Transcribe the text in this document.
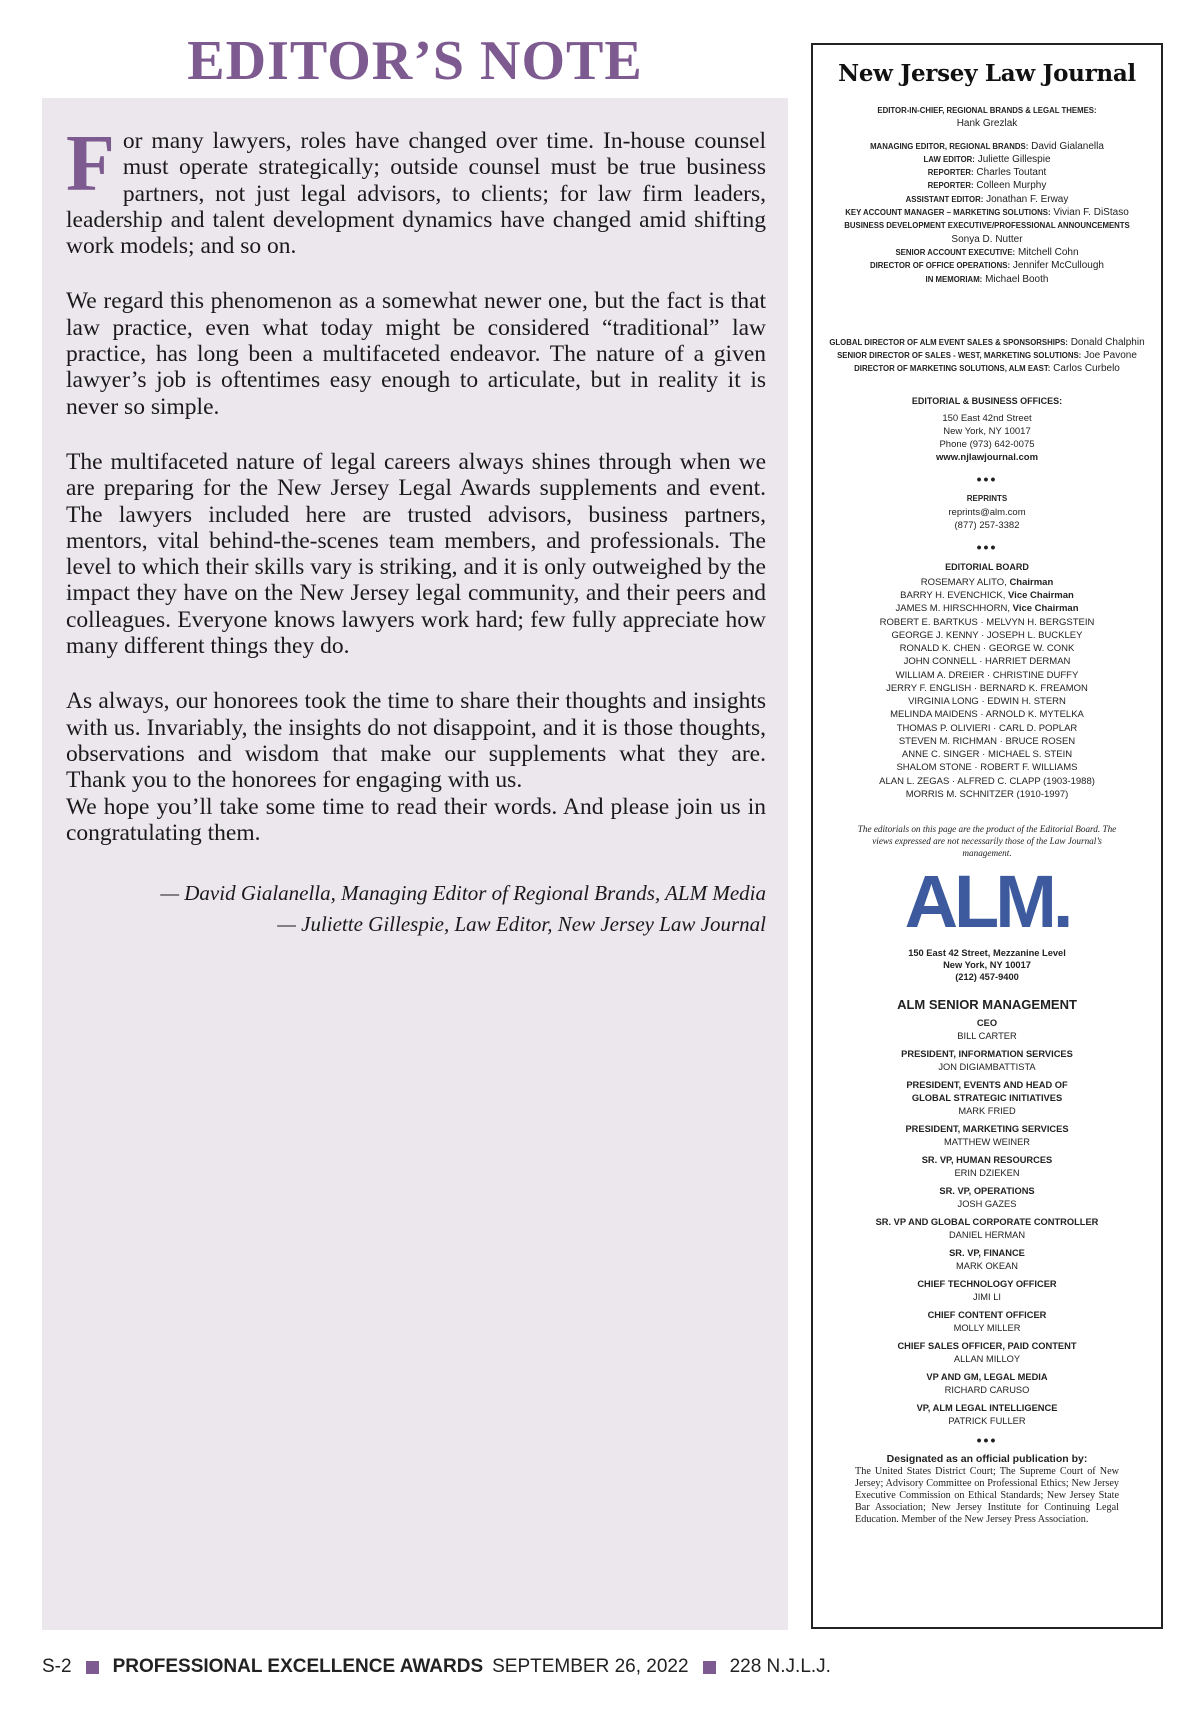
EDITOR’S NOTE

For many lawyers, roles have changed over time. In-house counsel must operate strategically; outside counsel must be true business partners, not just legal advisors, to clients; for law firm leaders, leadership and talent development dynamics have changed amid shifting work models; and so on.

We regard this phenomenon as a somewhat newer one, but the fact is that law practice, even what today might be considered “traditional” law practice, has long been a multifaceted endeavor. The nature of a given lawyer’s job is oftentimes easy enough to articulate, but in reality it is never so simple.

The multifaceted nature of legal careers always shines through when we are preparing for the New Jersey Legal Awards supplements and event. The lawyers included here are trusted advisors, business partners, mentors, vital behind-the-scenes team members, and professionals. The level to which their skills vary is striking, and it is only outweighed by the impact they have on the New Jersey legal community, and their peers and colleagues. Everyone knows lawyers work hard; few fully appreciate how many different things they do.

As always, our honorees took the time to share their thoughts and insights with us. Invariably, the insights do not disappoint, and it is those thoughts, observations and wisdom that make our supplements what they are. Thank you to the honorees for engaging with us.

We hope you’ll take some time to read their words. And please join us in congratulating them.

— David Gialanella, Managing Editor of Regional Brands, ALM Media
— Juliette Gillespie, Law Editor, New Jersey Law Journal
New Jersey Law Journal
EDITOR-IN-CHIEF, REGIONAL BRANDS & LEGAL THEMES:
Hank Grezlak
MANAGING EDITOR, REGIONAL BRANDS: David Gialanella
LAW EDITOR: Juliette Gillespie
REPORTER: Charles Toutant
REPORTER: Colleen Murphy
ASSISTANT EDITOR: Jonathan F. Erway
KEY ACCOUNT MANAGER – MARKETING SOLUTIONS: Vivian F. DiStaso
BUSINESS DEVELOPMENT EXECUTIVE/PROFESSIONAL ANNOUNCEMENTS
Sonya D. Nutter
SENIOR ACCOUNT EXECUTIVE: Mitchell Cohn
DIRECTOR OF OFFICE OPERATIONS: Jennifer McCullough
IN MEMORIAM: Michael Booth
GLOBAL DIRECTOR OF ALM EVENT SALES & SPONSORSHIPS: Donald Chalphin
SENIOR DIRECTOR OF SALES - WEST, MARKETING SOLUTIONS: Joe Pavone
DIRECTOR OF MARKETING SOLUTIONS, ALM EAST: Carlos Curbelo
EDITORIAL & BUSINESS OFFICES:
150 East 42nd Street
New York, NY 10017
Phone (973) 642-0075
www.njlawjournal.com
•••
REPRINTS
reprints@alm.com
(877) 257-3382
•••
EDITORIAL BOARD
ROSEMARY ALITO, Chairman
BARRY H. EVENCHICK, Vice Chairman
JAMES M. HIRSCHHORN, Vice Chairman
ROBERT E. BARTKUS · MELVYN H. BERGSTEIN
GEORGE J. KENNY · JOSEPH L. BUCKLEY
RONALD K. CHEN · GEORGE W. CONK
JOHN CONNELL · HARRIET DERMAN
WILLIAM A. DREIER · CHRISTINE DUFFY
JERRY F. ENGLISH · BERNARD K. FREAMON
VIRGINIA LONG · EDWIN H. STERN
MELINDA MAIDENS · ARNOLD K. MYTELKA
THOMAS P. OLIVIERI · CARL D. POPLAR
STEVEN M. RICHMAN · BRUCE ROSEN
ANNE C. SINGER · MICHAEL S. STEIN
SHALOM STONE · ROBERT F. WILLIAMS
ALAN L. ZEGAS · ALFRED C. CLAPP (1903-1988)
MORRIS M. SCHNITZER (1910-1997)
The editorials on this page are the product of the Editorial Board. The views expressed are not necessarily those of the Law Journal’s management.
ALM.
150 East 42 Street, Mezzanine Level
New York, NY 10017
(212) 457-9400
ALM SENIOR MANAGEMENT
CEO
BILL CARTER
PRESIDENT, INFORMATION SERVICES
JON DIGIAMBATTISTA
PRESIDENT, EVENTS AND HEAD OF GLOBAL STRATEGIC INITIATIVES
MARK FRIED
PRESIDENT, MARKETING SERVICES
MATTHEW WEINER
SR. VP, HUMAN RESOURCES
ERIN DZIEKEN
SR. VP, OPERATIONS
JOSH GAZES
SR. VP AND GLOBAL CORPORATE CONTROLLER
DANIEL HERMAN
SR. VP, FINANCE
MARK OKEAN
CHIEF TECHNOLOGY OFFICER
JIMI LI
CHIEF CONTENT OFFICER
MOLLY MILLER
CHIEF SALES OFFICER, PAID CONTENT
ALLAN MILLOY
VP AND GM, LEGAL MEDIA
RICHARD CARUSO
VP, ALM LEGAL INTELLIGENCE
PATRICK FULLER
•••
Designated as an official publication by:
The United States District Court; The Supreme Court of New Jersey; Advisory Committee on Professional Ethics; New Jersey Executive Commission on Ethical Standards; New Jersey State Bar Association; New Jersey Institute for Continuing Legal Education. Member of the New Jersey Press Association.
S-2 PROFESSIONAL EXCELLENCE AWARDS SEPTEMBER 26, 2022 228 N.J.L.J.
